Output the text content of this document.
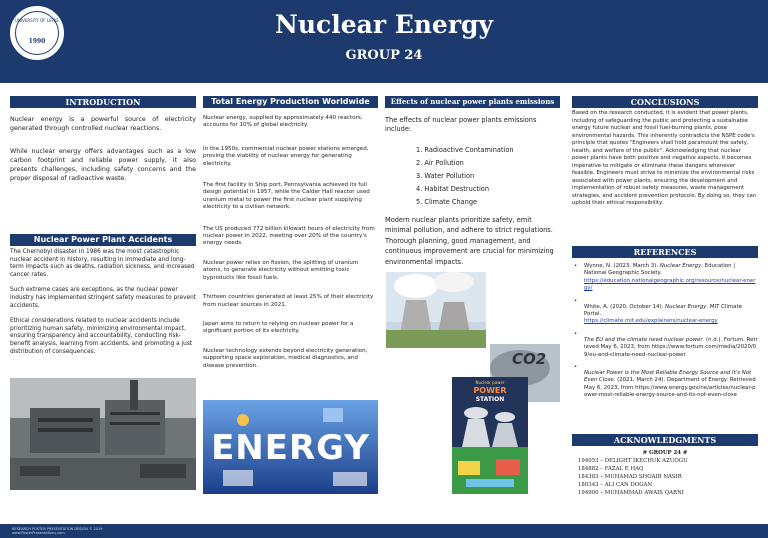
UNIVERSITY OF LEFKE
1990
Nuclear Energy
GROUP 24
INTRODUCTION

Nuclear energy is a powerful source of electricity generated through controlled nuclear reactions.

While nuclear energy offers advantages such as a low carbon footprint and reliable power supply, it also presents challenges, including safety concerns and the proper disposal of radioactive waste.

Nuclear Power Plant Accidents

The Chernobyl disaster in 1986 was the most catastrophic nuclear accident in history, resulting in immediate and long-term impacts such as deaths, radiation sickness, and increased cancer rates.

Such extreme cases are exceptions, as the nuclear power industry has implemented stringent safety measures to prevent accidents.

Ethical considerations related to nuclear accidents include prioritizing human safety, minimizing environmental impact, ensuring transparency and accountability, conducting risk-benefit analysis, learning from accidents, and promoting a just distribution of consequences.

Total Energy Production Worldwide

Nuclear energy, supplied by approximately 440 reactors, accounts for 10% of global electricity.

In the 1950s, commercial nuclear power stations emerged, proving the viability of nuclear energy for generating electricity.

The first facility in Ship port, Pennsylvania achieved its full design potential in 1957, while the Calder Hall reactor used uranium metal to power the first nuclear plant supplying electricity to a civilian network.

The US produced 772 billion kilowatt hours of electricity from nuclear power in 2022, meeting over 20% of the country's energy needs.

Nuclear power relies on fission, the splitting of uranium atoms, to generate electricity without emitting toxic byproducts like fossil fuels.

Thirteen countries generated at least 25% of their electricity from nuclear sources in 2021.

Japan aims to return to relying on nuclear power for a significant portion of its electricity.

Nuclear technology extends beyond electricity generation, supporting space exploration, medical diagnostics, and disease prevention.

ENERGY
Effects of nuclear power plants emissions

The effects of nuclear power plants emissions include:

1. Radioactive Contamination
2. Air Pollution
3. Water Pollution
4. Habitat Destruction
5. Climate Change

Modern nuclear plants prioritize safety, emit minimal pollution, and adhere to strict regulations. Thorough planning, good management, and continuous improvement are crucial for minimizing environmental impacts.

CO2
Nuclear power
POWER
STATION
CONCLUSIONS

Based on the research conducted, it is evident that power plants, including of safeguarding the public and protecting a sustainable energy future nuclear and fossil fuel-burning plants, pose environmental hazards. This inherently contradicts the NSPE code's principle that quotes "Engineers shall hold paramount the safety, health, and welfare of the public". Acknowledging that nuclear power plants have both positive and negative aspects, it becomes imperative to mitigate or eliminate these dangers whenever feasible. Engineers must strive to minimize the environmental risks associated with power plants, ensuring the development and implementation of robust safety measures, waste management strategies, and accident prevention protocols. By doing so, they can uphold their ethical responsibility.

REFERENCES
• Wynne, N. (2023, March 3). Nuclear Energy. Education | National Geographic Society.
https://education.nationalgeographic.org/resource/nuclear-energy/
•
White, A. (2020, October 14). Nuclear Energy. MIT Climate Portal.
https://climate.mit.edu/explainers/nuclear-energy
•
The EU and the climate need nuclear power. (n.d.). Fortum. Retrieved May 6, 2023, from https://www.fortum.com/media/2020/09/eu-and-climate-need-nuclear-power
•
Nuclear Power is the Most Reliable Energy Source and It's Not Even Close. (2021, March 24). Department of Energy. Retrieved May 6, 2023, from https://www.energy.gov/ne/articles/nuclear-power-most-reliable-energy-source-and-its-not-even-close
ACKNOWLEDGMENTS
# GROUP 24 #
194053 – DELIGHT IKECHUK AZUOGU
184882 – FAZAL E HAQ
184383 – MUHAMAD SHOAIB NASIR
180343 – ALI CAN DOGAN
194900 – MUHAMMAD AWAIS QARNI
RESEARCH POSTER PRESENTATION DESIGN © 2019
www.PosterPresentations.com
